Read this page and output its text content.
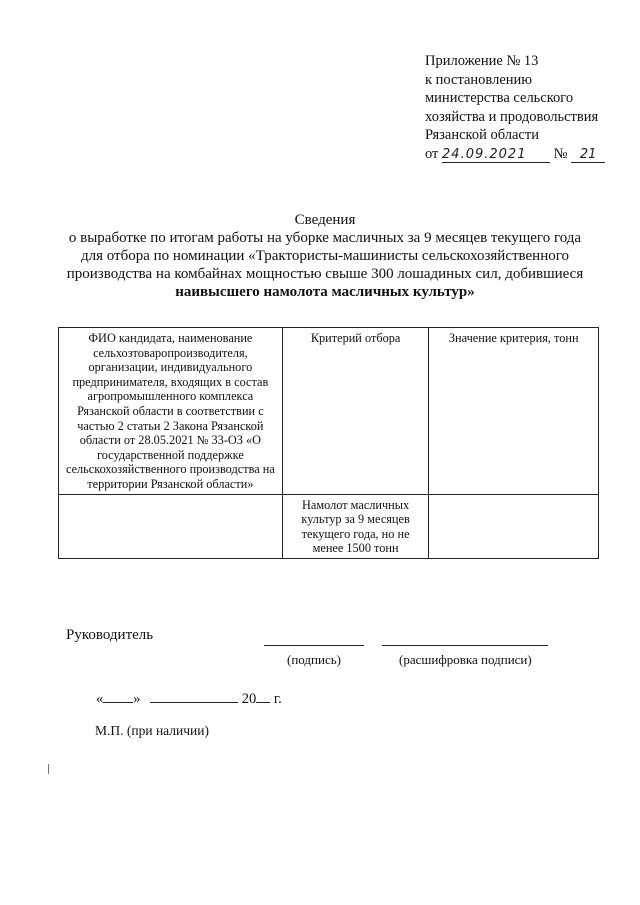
Приложение № 13
к постановлению
министерства сельского
хозяйства и продовольствия
Рязанской области
от 24.09.2021 № 21
Сведения
о выработке по итогам работы на уборке масличных за 9 месяцев текущего года
для отбора по номинации «Трактористы-машинисты сельскохозяйственного
производства на комбайнах мощностью свыше 300 лошадиных сил, добившиеся
наивысшего намолота масличных культур»
ФИО кандидата, наименование сельхозтоваропроизводителя, организации, индивидуального предпринимателя, входящих в состав агропромышленного комплекса Рязанской области в соответствии с частью 2 статьи 2 Закона Рязанской области от 28.05.2021 № 33-ОЗ «О государственной поддержке сельскохозяйственного производства на территории Рязанской области»	Критерий отбора	Значение критерия, тонн
	Намолот масличных культур за 9 месяцев текущего года, но не менее 1500 тонн	
Руководитель
(подпись)	(расшифровка подписи)
« »	20 г.
М.П. (при наличии)
